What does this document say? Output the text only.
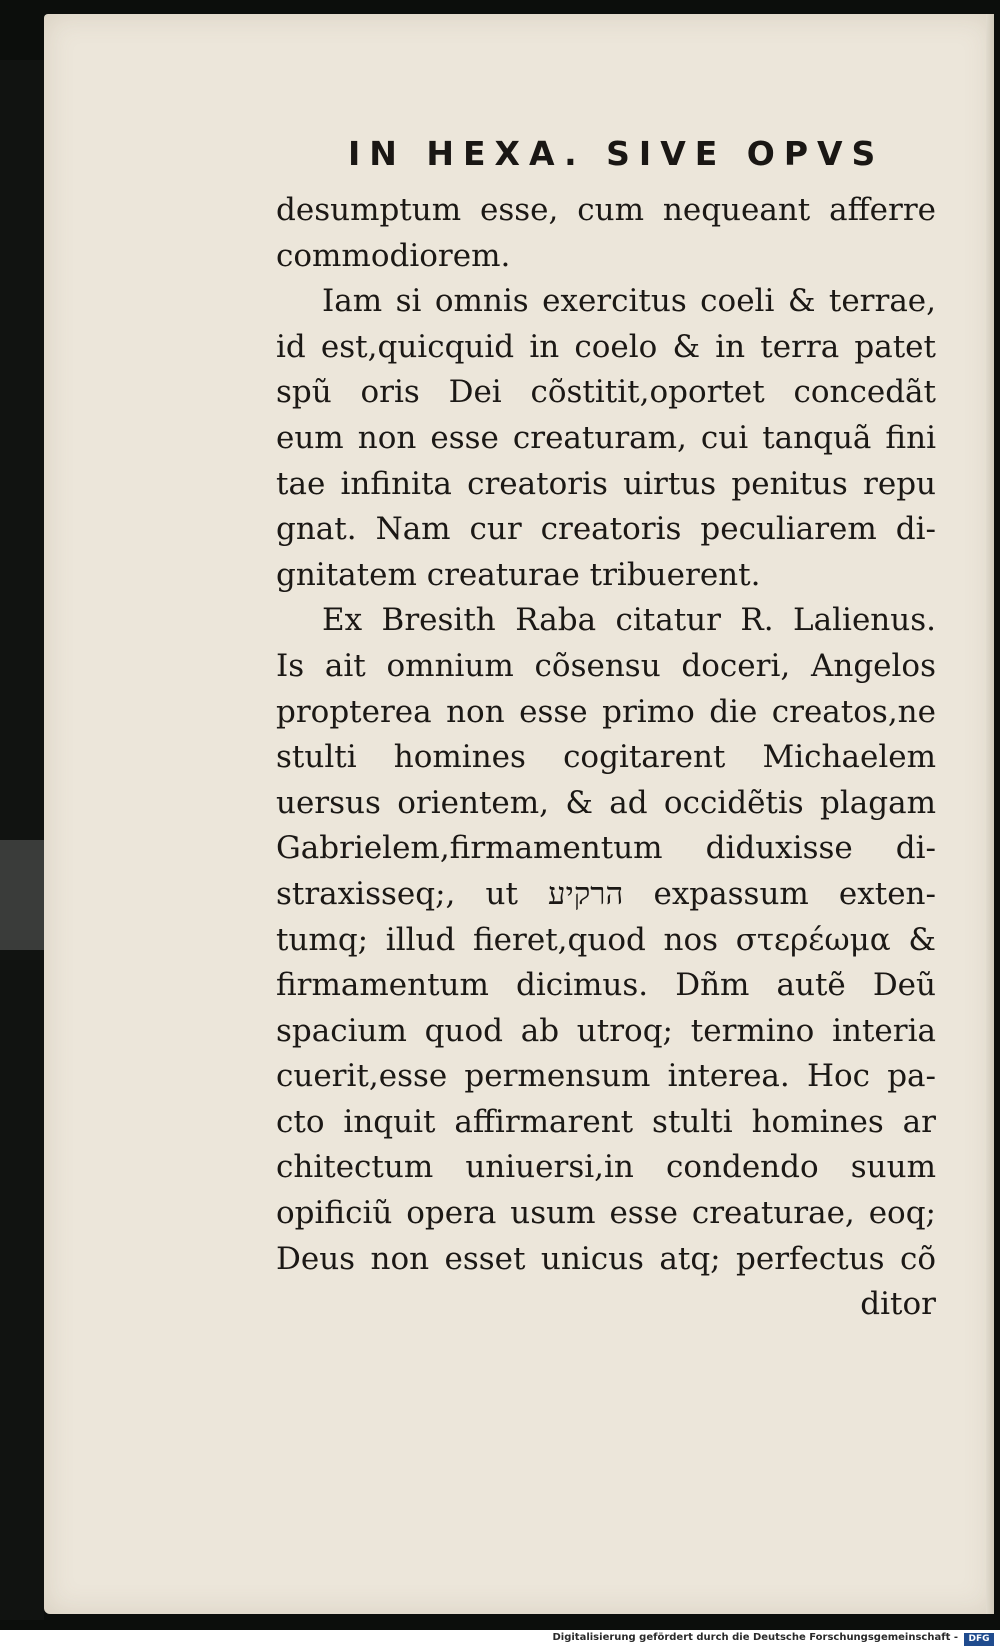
IN HEXA. SIVE OPVS
desumptum esse, cum nequeant afferre
commodiorem.
Iam si omnis exercitus coeli & terrae,
id est,quicquid in coelo & in terra patet
spũ oris Dei cõstitit,oportet concedãt
eum non esse creaturam, cui tanquã fini
tae infinita creatoris uirtus penitus repu
gnat. Nam cur creatoris peculiarem di-
gnitatem creaturae tribuerent.
Ex Bresith Raba citatur R. Lalienus.
Is ait omnium cõsensu doceri, Angelos
propterea non esse primo die creatos,ne
stulti homines cogitarent Michaelem
uersus orientem, & ad occidẽtis plagam
Gabrielem,firmamentum diduxisse di-
straxisseq;, ut הרקיע expassum exten-
tumq; illud fieret,quod nos στερέωμα &
firmamentum dicimus. Dñm autẽ Deũ
spacium quod ab utroq; termino interia
cuerit,esse permensum interea. Hoc pa-
cto inquit affirmarent stulti homines ar
chitectum uniuersi,in condendo suum
opificiũ opera usum esse creaturae, eoq;
Deus non esset unicus atq; perfectus cõ
ditor
Digitalisierung gefördert durch die Deutsche Forschungsgemeinschaft -	DFG
